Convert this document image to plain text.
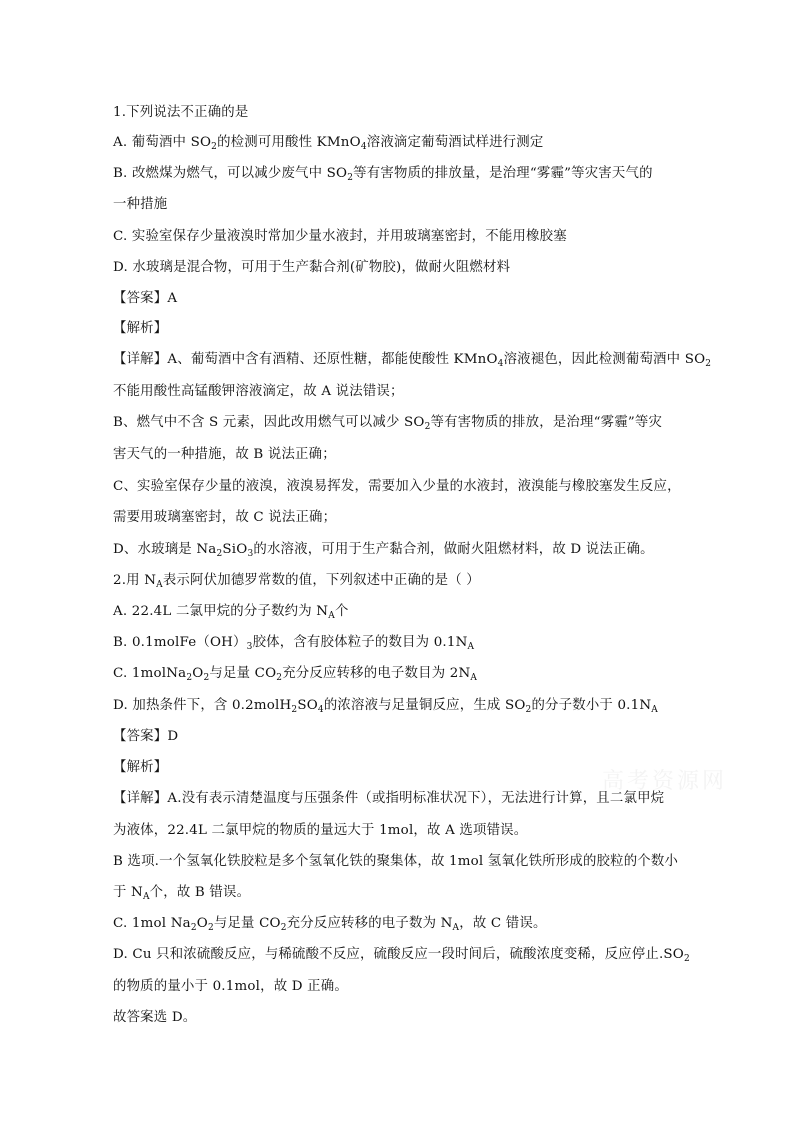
1.下列说法不正确的是
A. 葡萄酒中 $SO_2$的检测可用酸性 KMnO$_4$溶液滴定葡萄酒试样进行测定
B. 改燃煤为燃气，可以减少废气中 $SO_2$等有害物质的排放量，是治理“雾霾”等灾害天气的
一种措施
C. 实验室保存少量液溴时常加少量水液封，并用玻璃塞密封，不能用橡胶塞
D. 水玻璃是混合物，可用于生产黏合剂(矿物胶)，做耐火阻燃材料
【答案】A
【解析】
【详解】A、葡萄酒中含有酒精、还原性糖，都能使酸性 KMnO$_4$溶液褪色，因此检测葡萄酒中 $SO_2$
不能用酸性高锰酸钾溶液滴定，故 A 说法错误；
B、燃气中不含 S 元素，因此改用燃气可以减少 $SO_2$等有害物质的排放，是治理“雾霾”等灾
害天气的一种措施，故 B 说法正确；
C、实验室保存少量的液溴，液溴易挥发，需要加入少量的水液封，液溴能与橡胶塞发生反应，
需要用玻璃塞密封，故 C 说法正确；
D、水玻璃是 $Na_2SiO_3$的水溶液，可用于生产黏合剂，做耐火阻燃材料，故 D 说法正确。
2.用 $N_A$表示阿伏加德罗常数的值，下列叙述中正确的是（ ）
A. 22.4L 二氯甲烷的分子数约为 $N_A$个
B. $0.1molFe(OH)_3$胶体，含有胶体粒子的数目为 $0.1N_A$
C. $1molNa_2O_2$与足量 $CO_2$充分反应转移的电子数目为 $2N_A$
D. 加热条件下，含 $0.2molH_2SO_4$的浓溶液与足量铜反应，生成 $SO_2$的分子数小于 $0.1N_A$
【答案】D
【解析】
【详解】A.没有表示清楚温度与压强条件（或指明标准状况下），无法进行计算，且二氯甲烷
为液体，22.4L 二氯甲烷的物质的量远大于 1mol，故 A 选项错误。
B 选项.一个氢氧化铁胶粒是多个氢氧化铁的聚集体，故 1mol 氢氧化铁所形成的胶粒的个数小
于 $N_A$个，故 B 错误。
C. 1mol $Na_2O_2$与足量 $CO_2$充分反应转移的电子数为 $N_A$，故 C 错误。
D. Cu 只和浓硫酸反应，与稀硫酸不反应，硫酸反应一段时间后，硫酸浓度变稀，反应停止$.SO_2$
的物质的量小于 0.1mol，故 D 正确。
故答案选 D。
高考资源网
